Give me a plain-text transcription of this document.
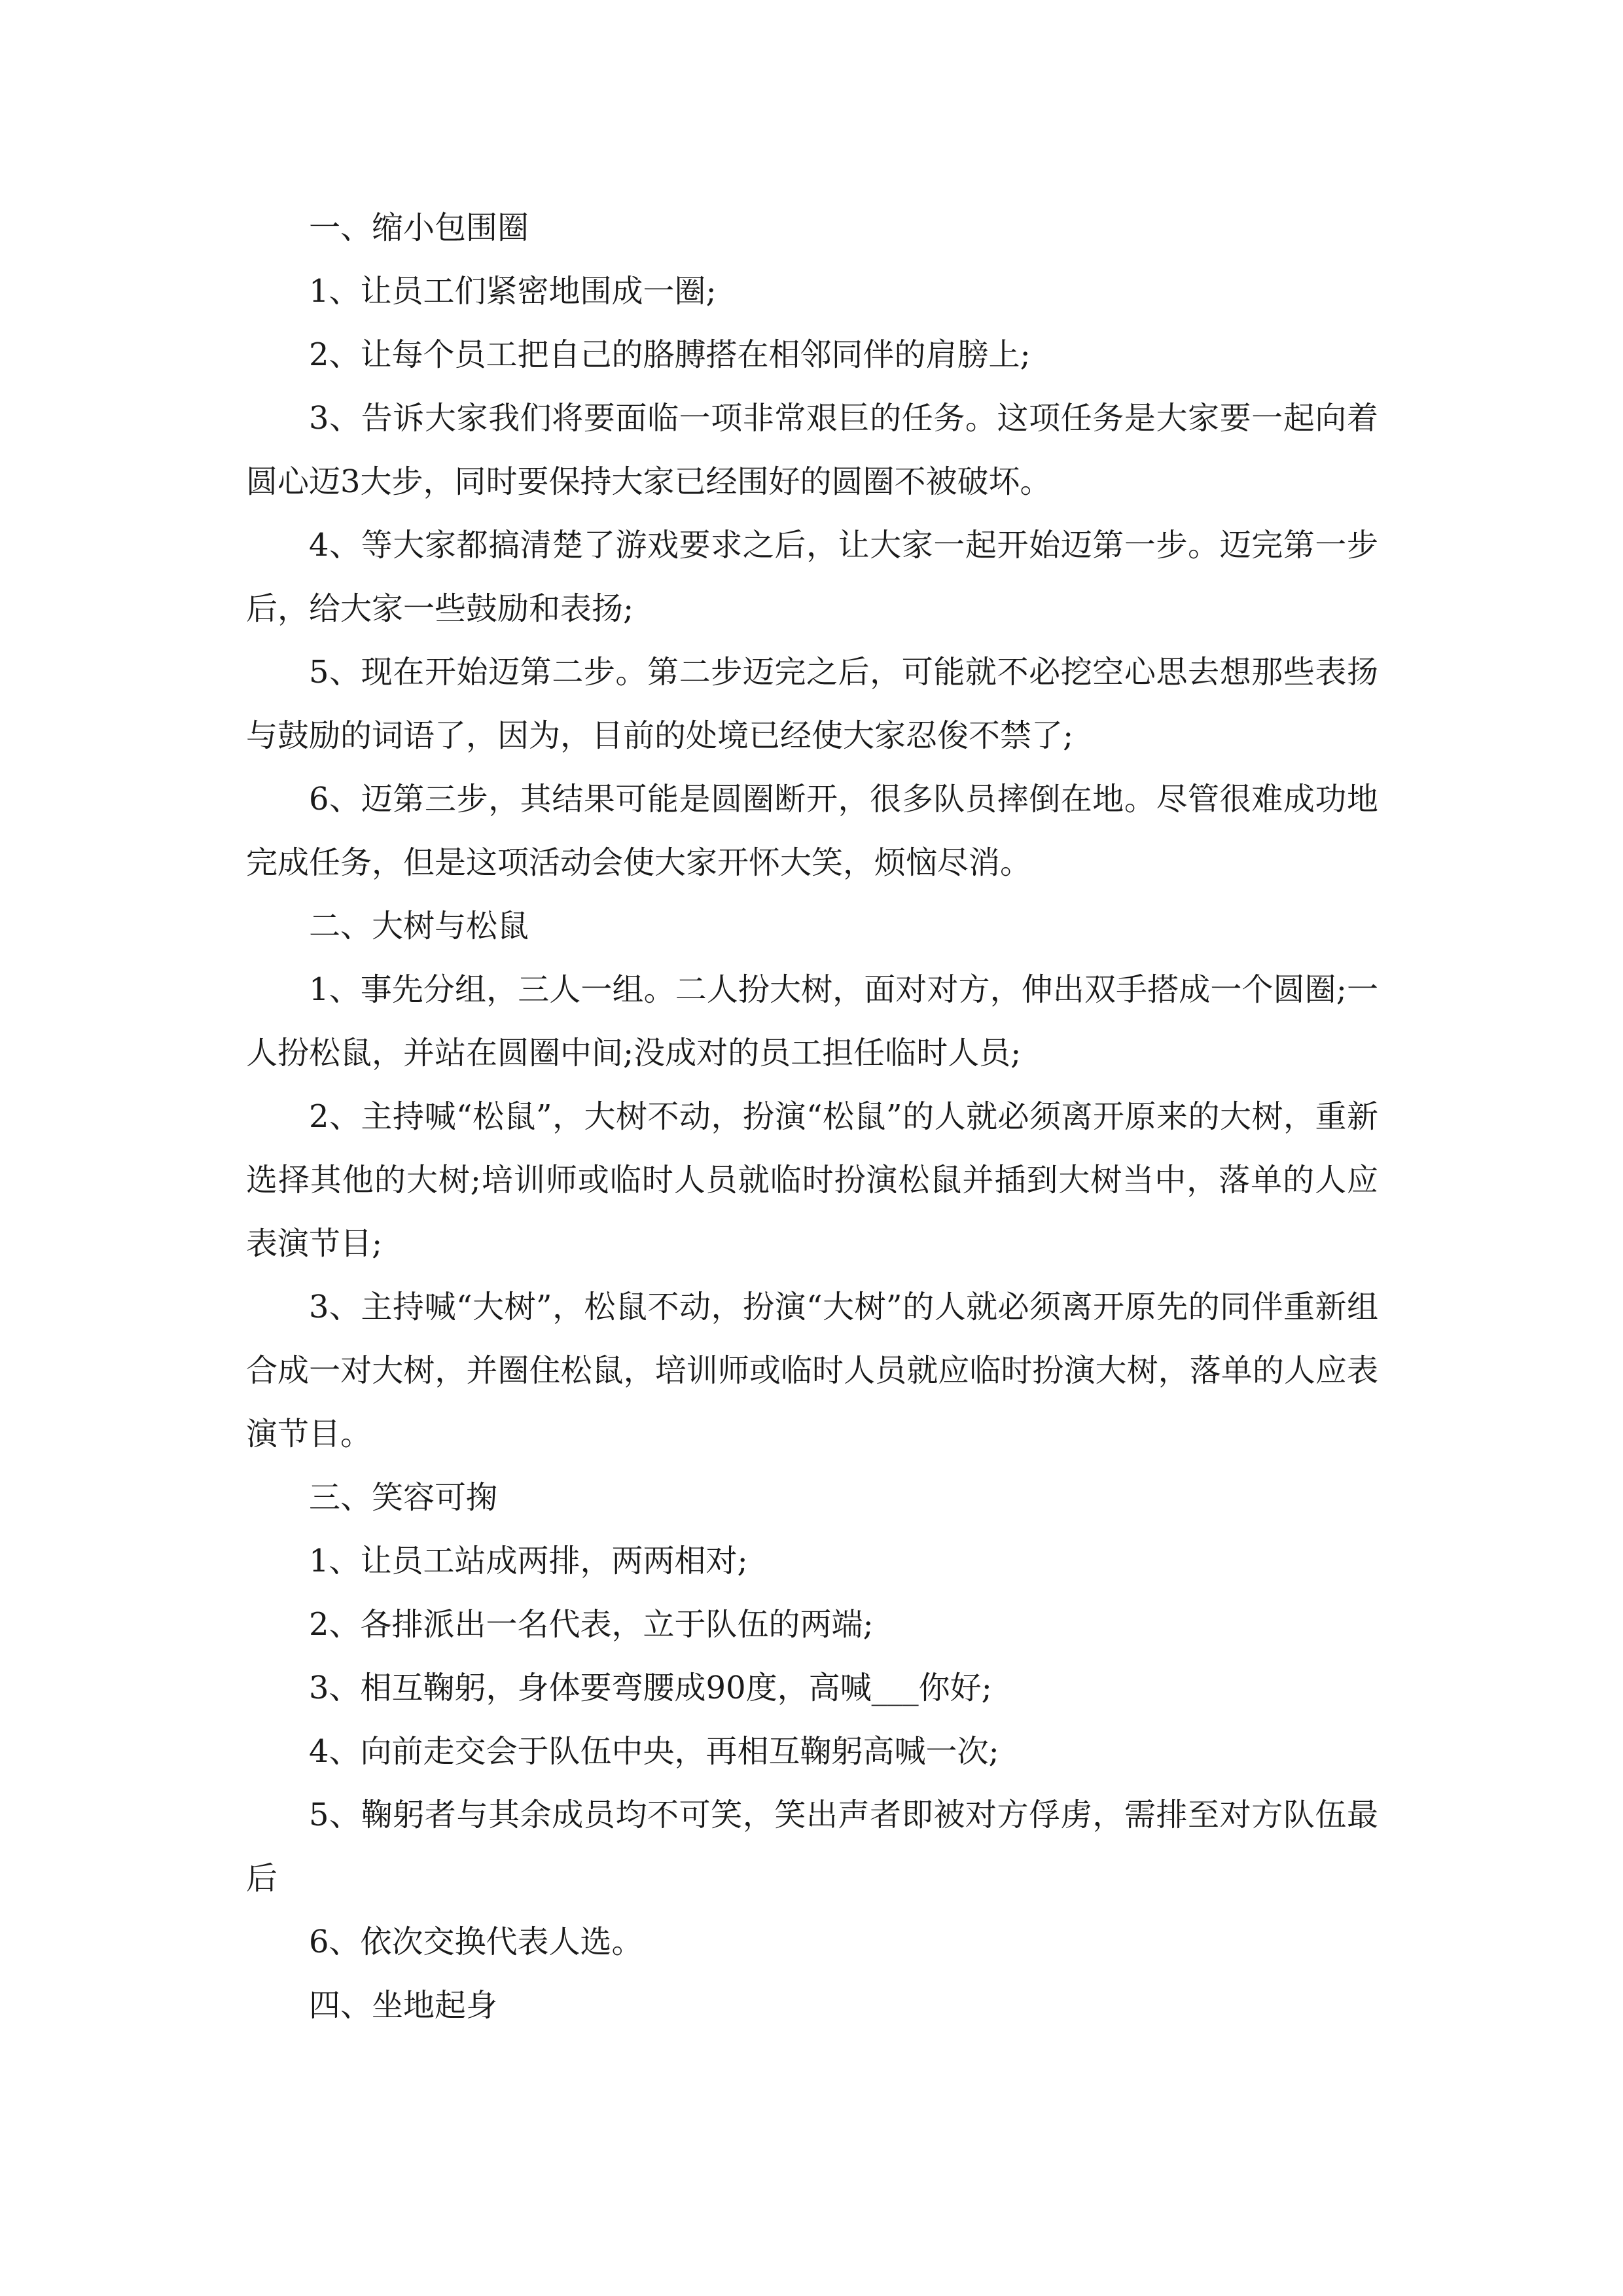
一、缩小包围圈

1、让员工们紧密地围成一圈;

2、让每个员工把自己的胳膊搭在相邻同伴的肩膀上;

3、告诉大家我们将要面临一项非常艰巨的任务。这项任务是大家要一起向着圆心迈3大步，同时要保持大家已经围好的圆圈不被破坏。

4、等大家都搞清楚了游戏要求之后，让大家一起开始迈第一步。迈完第一步后，给大家一些鼓励和表扬;

5、现在开始迈第二步。第二步迈完之后，可能就不必挖空心思去想那些表扬与鼓励的词语了，因为，目前的处境已经使大家忍俊不禁了;

6、迈第三步，其结果可能是圆圈断开，很多队员摔倒在地。尽管很难成功地完成任务，但是这项活动会使大家开怀大笑，烦恼尽消。

二、大树与松鼠

1、事先分组，三人一组。二人扮大树，面对对方，伸出双手搭成一个圆圈;一人扮松鼠，并站在圆圈中间;没成对的员工担任临时人员;

2、主持喊“松鼠”，大树不动，扮演“松鼠”的人就必须离开原来的大树，重新选择其他的大树;培训师或临时人员就临时扮演松鼠并插到大树当中，落单的人应表演节目;

3、主持喊“大树”，松鼠不动，扮演“大树”的人就必须离开原先的同伴重新组合成一对大树，并圈住松鼠，培训师或临时人员就应临时扮演大树，落单的人应表演节目。

三、笑容可掬

1、让员工站成两排，两两相对;

2、各排派出一名代表，立于队伍的两端;

3、相互鞠躬，身体要弯腰成90度，高喊___你好;

4、向前走交会于队伍中央，再相互鞠躬高喊一次;

5、鞠躬者与其余成员均不可笑，笑出声者即被对方俘虏，需排至对方队伍最后

6、依次交换代表人选。

四、坐地起身
